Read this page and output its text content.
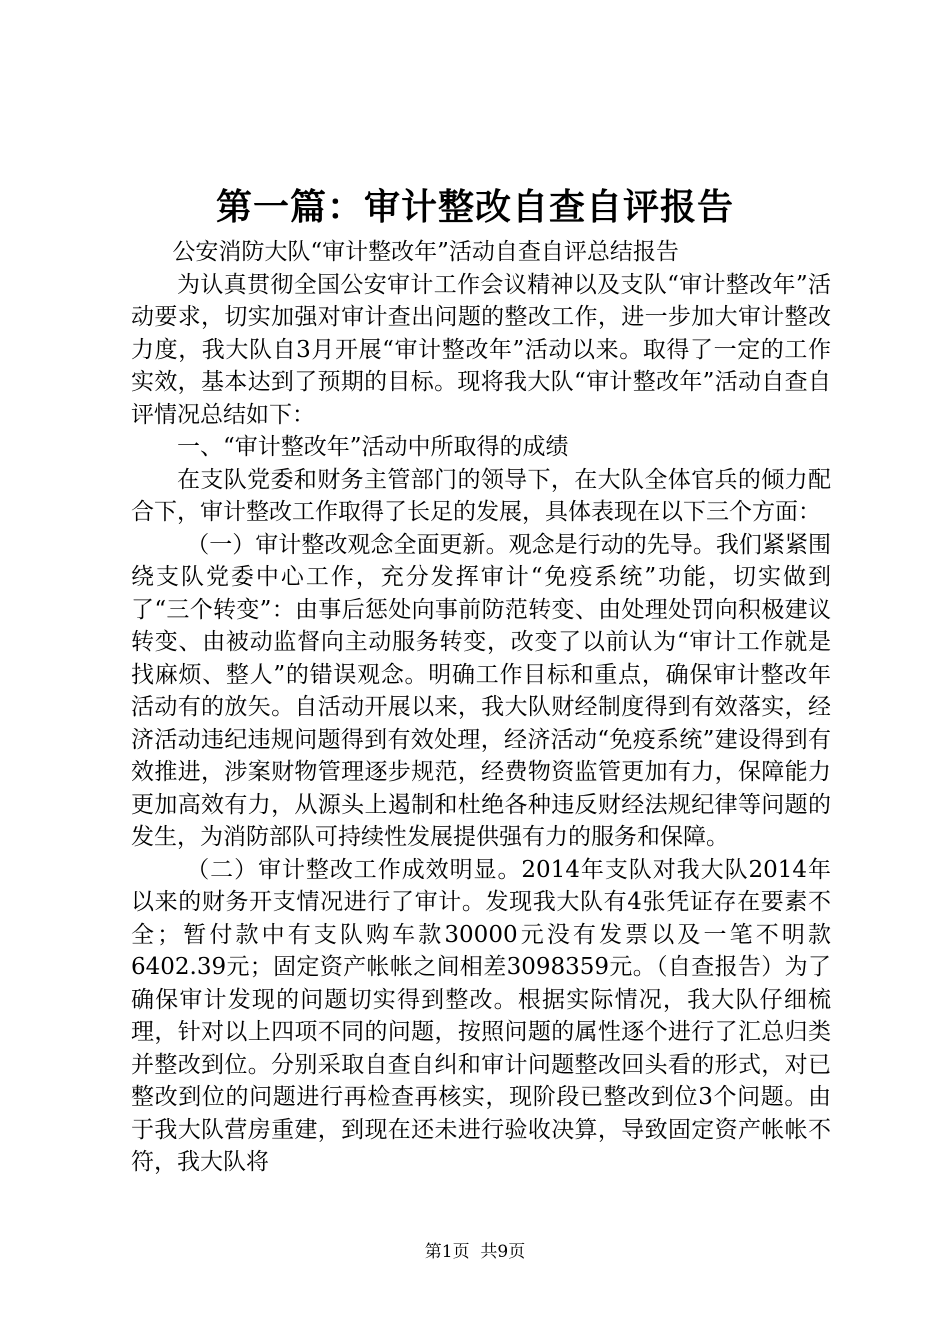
第一篇：审计整改自查自评报告

公安消防大队“审计整改年”活动自查自评总结报告

为认真贯彻全国公安审计工作会议精神以及支队“审计整改年”活动要求，切实加强对审计查出问题的整改工作，进一步加大审计整改力度，我大队自3月开展“审计整改年”活动以来。取得了一定的工作实效，基本达到了预期的目标。现将我大队“审计整改年”活动自查自评情况总结如下：

一、“审计整改年”活动中所取得的成绩

在支队党委和财务主管部门的领导下，在大队全体官兵的倾力配合下，审计整改工作取得了长足的发展，具体表现在以下三个方面：

（一）审计整改观念全面更新。观念是行动的先导。我们紧紧围绕支队党委中心工作，充分发挥审计“免疫系统”功能，切实做到了“三个转变”：由事后惩处向事前防范转变、由处理处罚向积极建议转变、由被动监督向主动服务转变，改变了以前认为“审计工作就是找麻烦、整人”的错误观念。明确工作目标和重点，确保审计整改年活动有的放矢。自活动开展以来，我大队财经制度得到有效落实，经济活动违纪违规问题得到有效处理，经济活动“免疫系统”建设得到有效推进，涉案财物管理逐步规范，经费物资监管更加有力，保障能力更加高效有力，从源头上遏制和杜绝各种违反财经法规纪律等问题的发生，为消防部队可持续性发展提供强有力的服务和保障。

（二）审计整改工作成效明显。2014年支队对我大队2014年以来的财务开支情况进行了审计。发现我大队有4张凭证存在要素不全；暂付款中有支队购车款30000元没有发票以及一笔不明款6402.39元；固定资产帐帐之间相差3098359元。（自查报告）为了确保审计发现的问题切实得到整改。根据实际情况，我大队仔细梳理，针对以上四项不同的问题，按照问题的属性逐个进行了汇总归类并整改到位。分别采取自查自纠和审计问题整改回头看的形式，对已整改到位的问题进行再检查再核实，现阶段已整改到位3个问题。由于我大队营房重建，到现在还未进行验收决算，导致固定资产帐帐不符，我大队将

第1页 共9页
